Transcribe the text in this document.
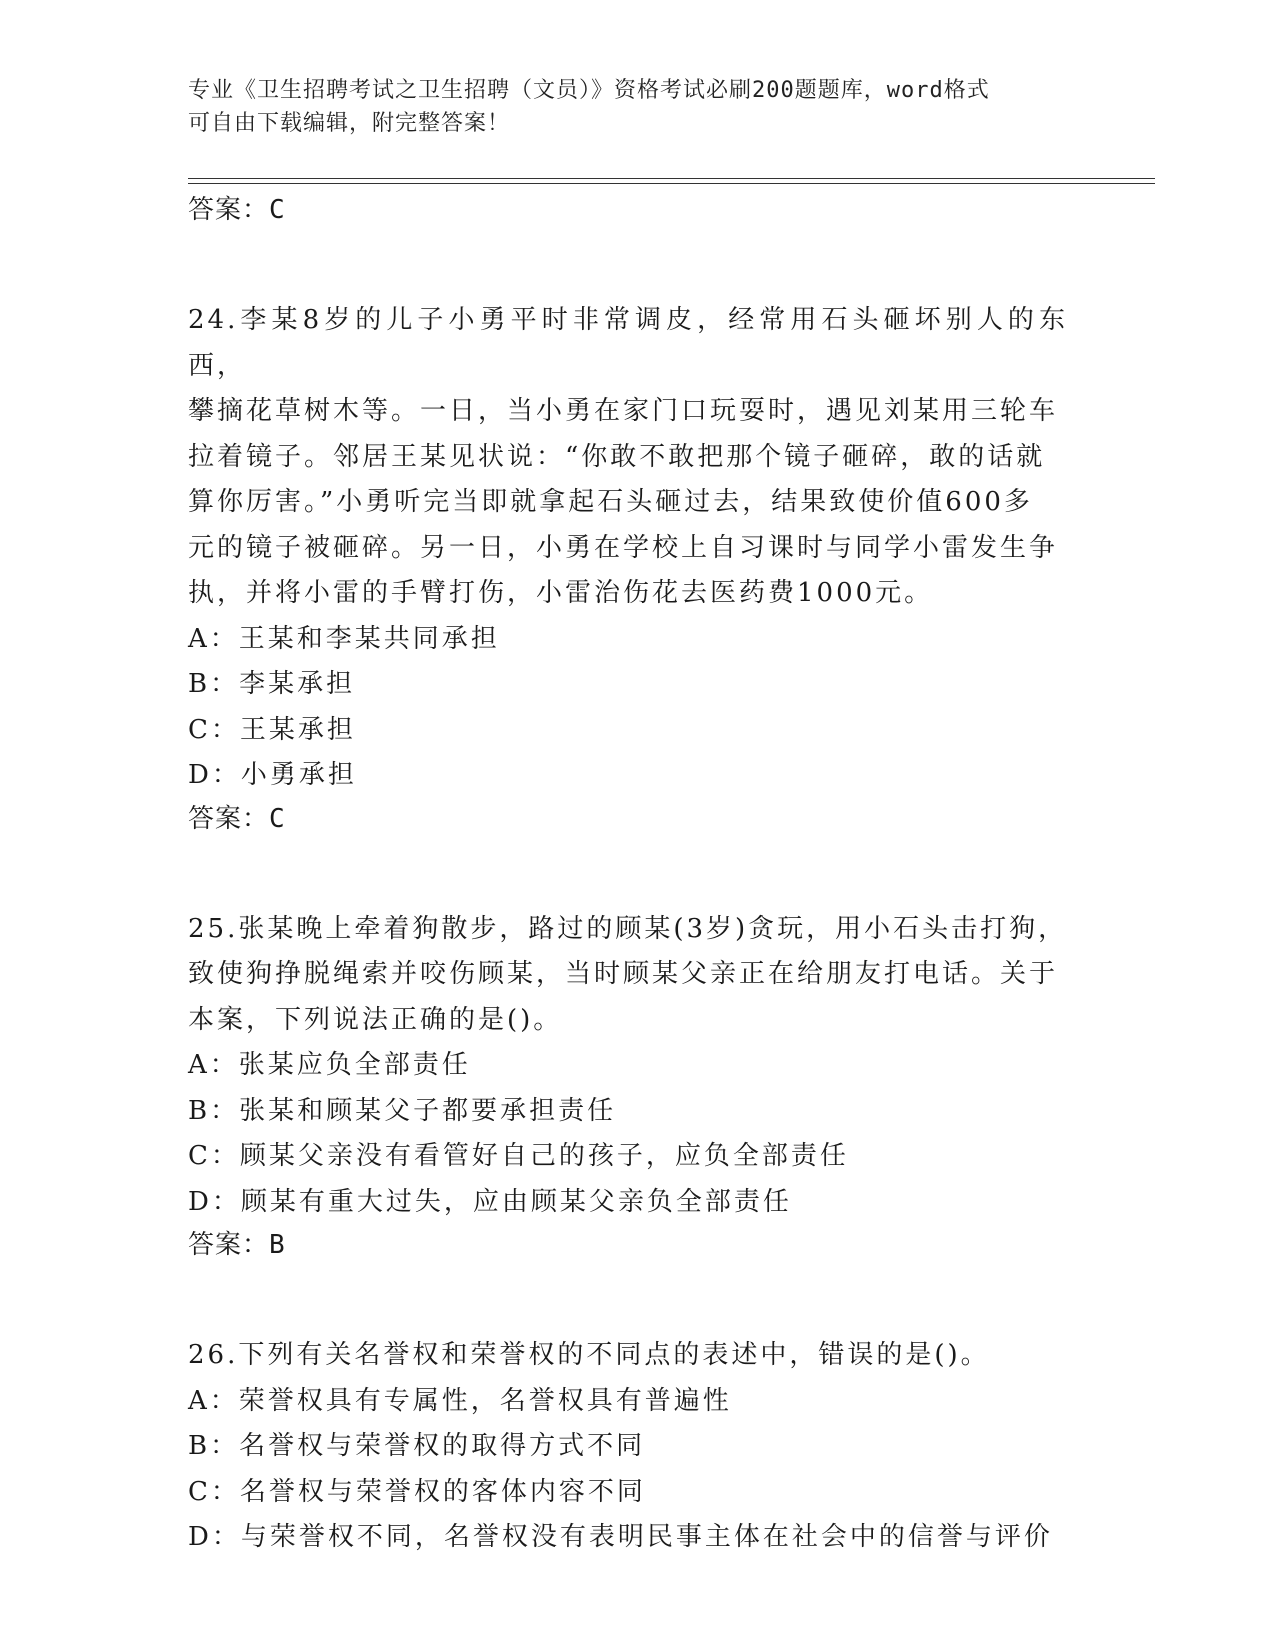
专业《卫生招聘考试之卫生招聘（文员）》资格考试必刷200题题库，word格式
可自由下载编辑，附完整答案！
答案：C
24.李某8岁的儿子小勇平时非常调皮，经常用石头砸坏别人的东西，
攀摘花草树木等。一日，当小勇在家门口玩耍时，遇见刘某用三轮车
拉着镜子。邻居王某见状说：“你敢不敢把那个镜子砸碎，敢的话就
算你厉害。”小勇听完当即就拿起石头砸过去，结果致使价值600多
元的镜子被砸碎。另一日，小勇在学校上自习课时与同学小雷发生争
执，并将小雷的手臂打伤，小雷治伤花去医药费1000元。
A：王某和李某共同承担
B：李某承担
C：王某承担
D：小勇承担
答案：C
25.张某晚上牵着狗散步，路过的顾某(3岁)贪玩，用小石头击打狗，
致使狗挣脱绳索并咬伤顾某，当时顾某父亲正在给朋友打电话。关于
本案，下列说法正确的是()。
A：张某应负全部责任
B：张某和顾某父子都要承担责任
C：顾某父亲没有看管好自己的孩子，应负全部责任
D：顾某有重大过失，应由顾某父亲负全部责任
答案：B
26.下列有关名誉权和荣誉权的不同点的表述中，错误的是()。
A：荣誉权具有专属性，名誉权具有普遍性
B：名誉权与荣誉权的取得方式不同
C：名誉权与荣誉权的客体内容不同
D：与荣誉权不同，名誉权没有表明民事主体在社会中的信誉与评价
